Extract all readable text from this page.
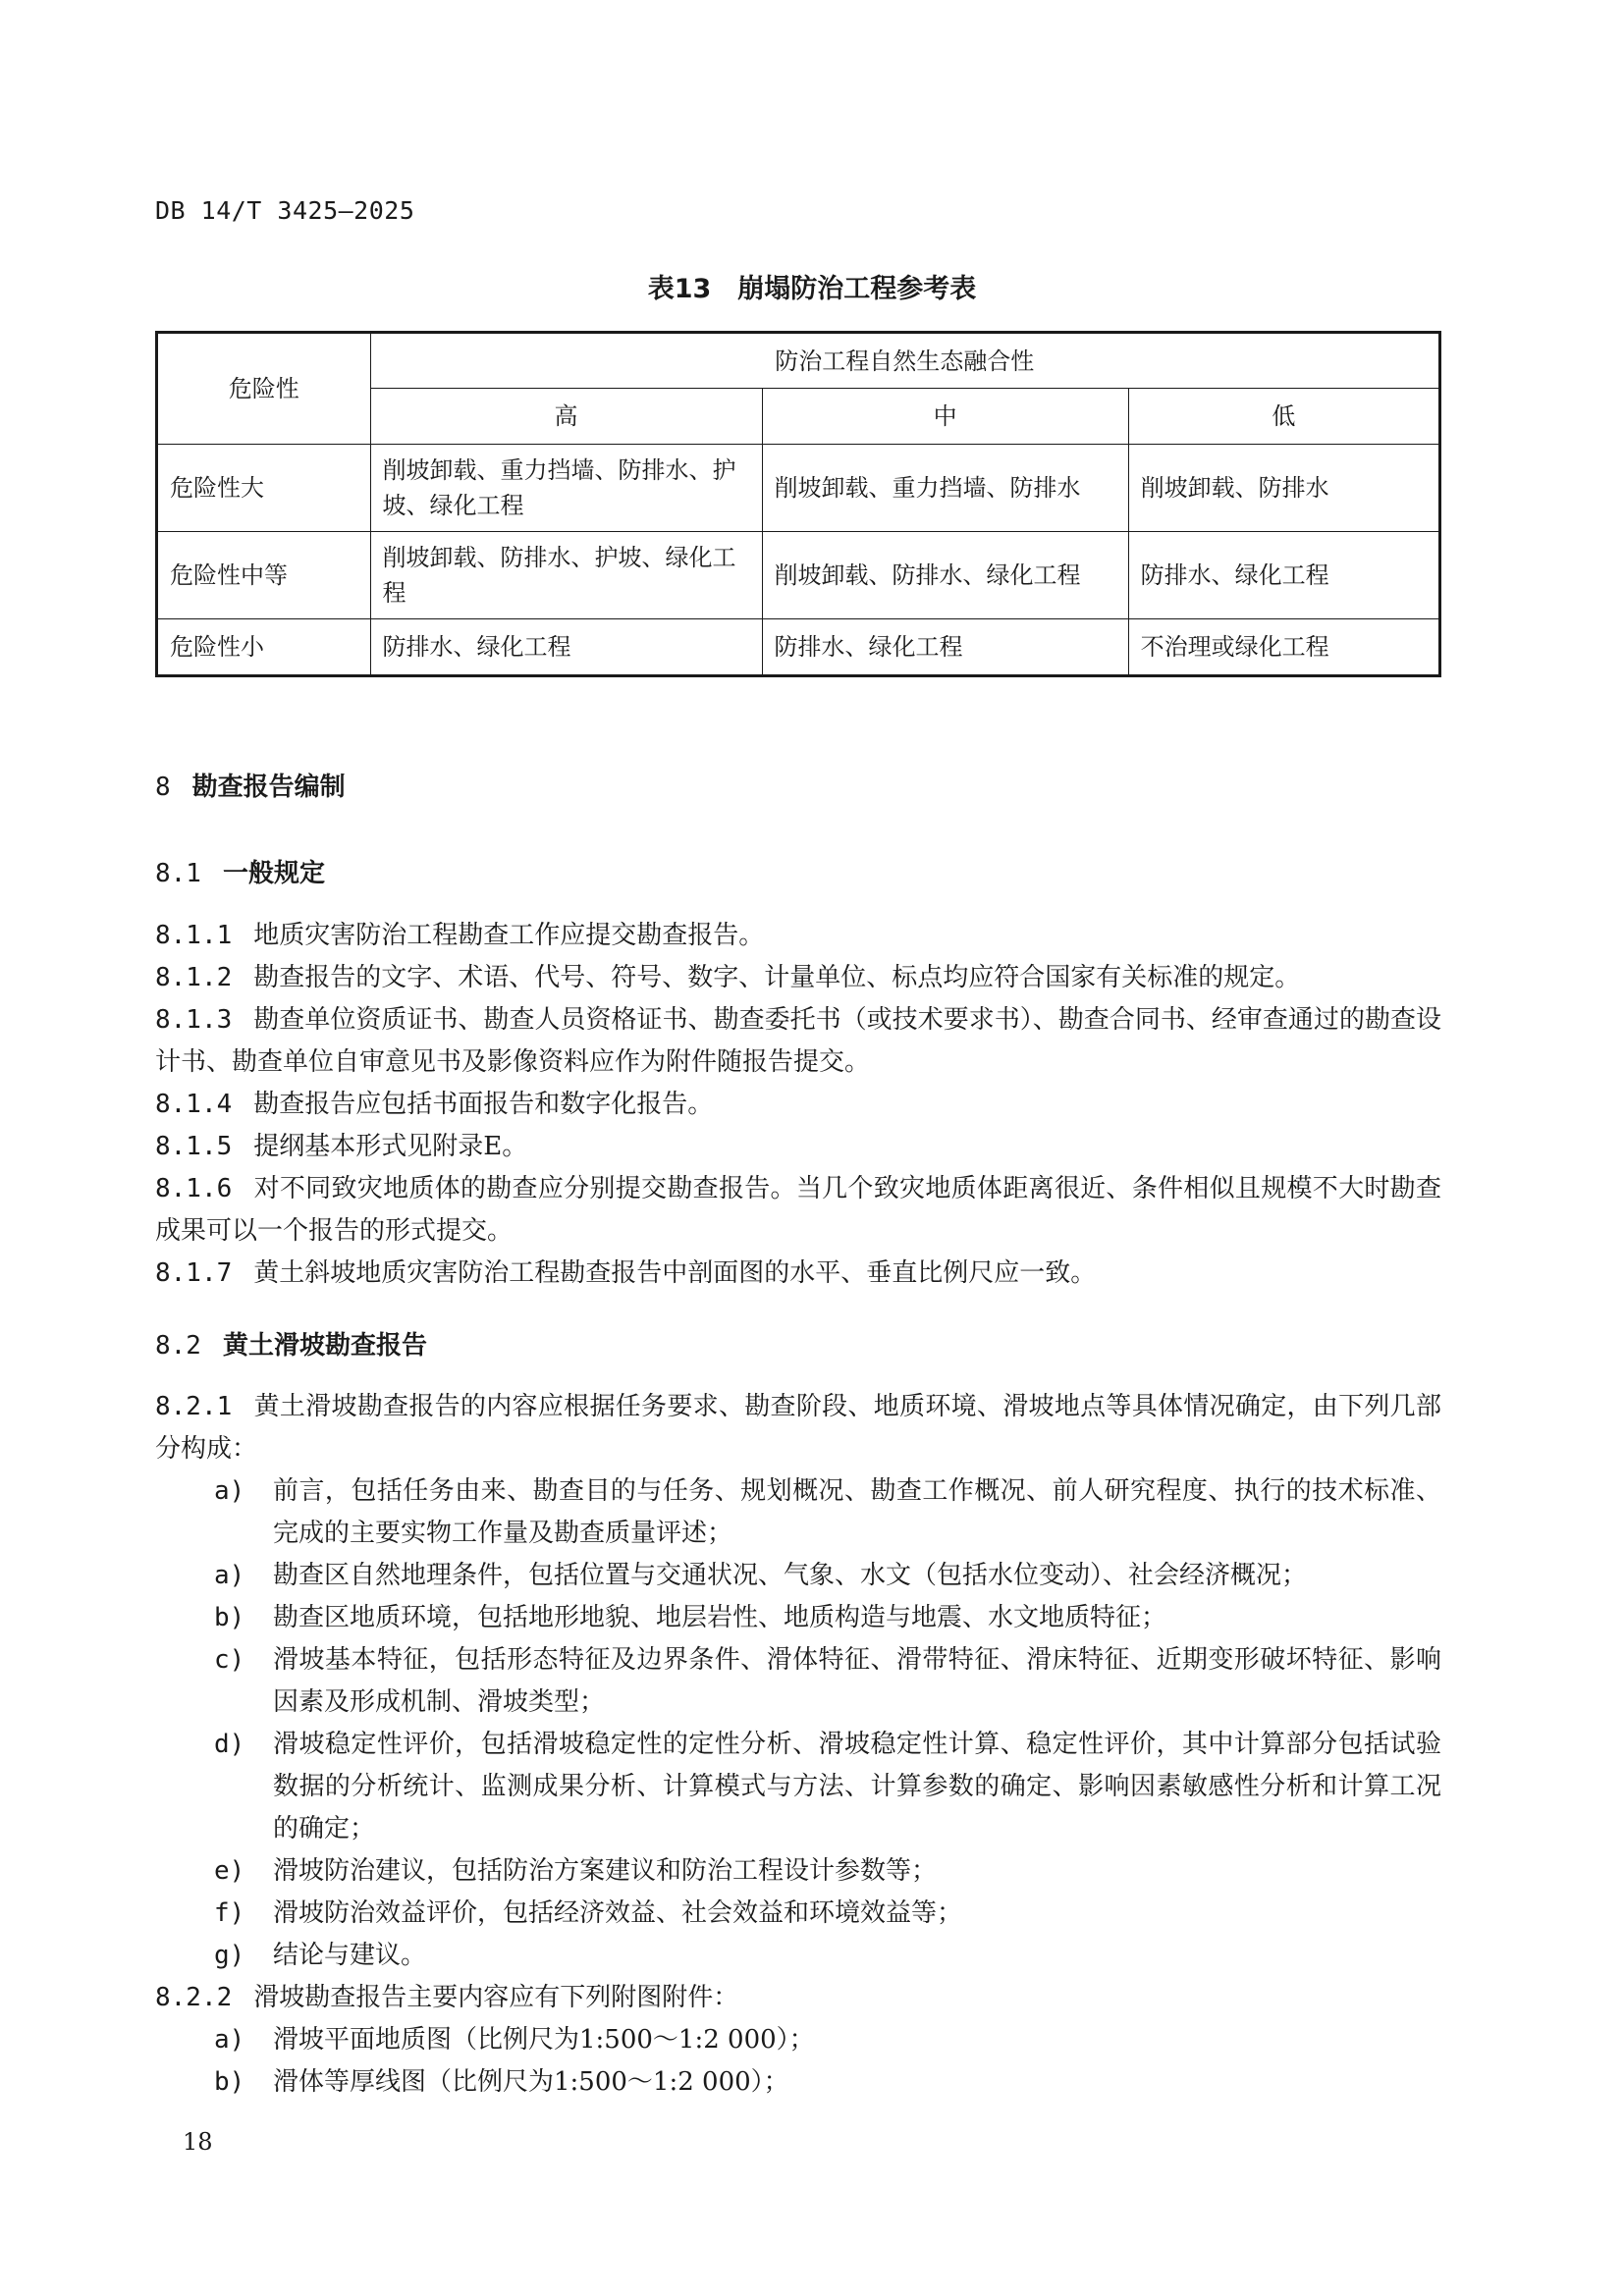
DB 14/T 3425—2025
表13　崩塌防治工程参考表
危险性	防治工程自然生态融合性		
	高	中	低
危险性大	削坡卸载、重力挡墙、防排水、护坡、绿化工程	削坡卸载、重力挡墙、防排水	削坡卸载、防排水
危险性中等	削坡卸载、防排水、护坡、绿化工程	削坡卸载、防排水、绿化工程	防排水、绿化工程
危险性小	防排水、绿化工程	防排水、绿化工程	不治理或绿化工程
8 勘查报告编制
8.1 一般规定
8.1.1 地质灾害防治工程勘查工作应提交勘查报告。
8.1.2 勘查报告的文字、术语、代号、符号、数字、计量单位、标点均应符合国家有关标准的规定。
8.1.3 勘查单位资质证书、勘查人员资格证书、勘查委托书（或技术要求书）、勘查合同书、经审查通过的勘查设计书、勘查单位自审意见书及影像资料应作为附件随报告提交。
8.1.4 勘查报告应包括书面报告和数字化报告。
8.1.5 提纲基本形式见附录E。
8.1.6 对不同致灾地质体的勘查应分别提交勘查报告。当几个致灾地质体距离很近、条件相似且规模不大时勘查成果可以一个报告的形式提交。
8.1.7 黄土斜坡地质灾害防治工程勘查报告中剖面图的水平、垂直比例尺应一致。
8.2 黄土滑坡勘查报告
8.2.1 黄土滑坡勘查报告的内容应根据任务要求、勘查阶段、地质环境、滑坡地点等具体情况确定，由下列几部分构成：
a) 前言，包括任务由来、勘查目的与任务、规划概况、勘查工作概况、前人研究程度、执行的技术标准、完成的主要实物工作量及勘查质量评述；
a) 勘查区自然地理条件，包括位置与交通状况、气象、水文（包括水位变动）、社会经济概况；
b) 勘查区地质环境，包括地形地貌、地层岩性、地质构造与地震、水文地质特征；
c) 滑坡基本特征，包括形态特征及边界条件、滑体特征、滑带特征、滑床特征、近期变形破坏特征、影响因素及形成机制、滑坡类型；
d) 滑坡稳定性评价，包括滑坡稳定性的定性分析、滑坡稳定性计算、稳定性评价，其中计算部分包括试验数据的分析统计、监测成果分析、计算模式与方法、计算参数的确定、影响因素敏感性分析和计算工况的确定；
e) 滑坡防治建议，包括防治方案建议和防治工程设计参数等；
f) 滑坡防治效益评价，包括经济效益、社会效益和环境效益等；
g) 结论与建议。
8.2.2 滑坡勘查报告主要内容应有下列附图附件：
a) 滑坡平面地质图（比例尺为1:500～1:2 000）；
b) 滑体等厚线图（比例尺为1:500～1:2 000）；
18
